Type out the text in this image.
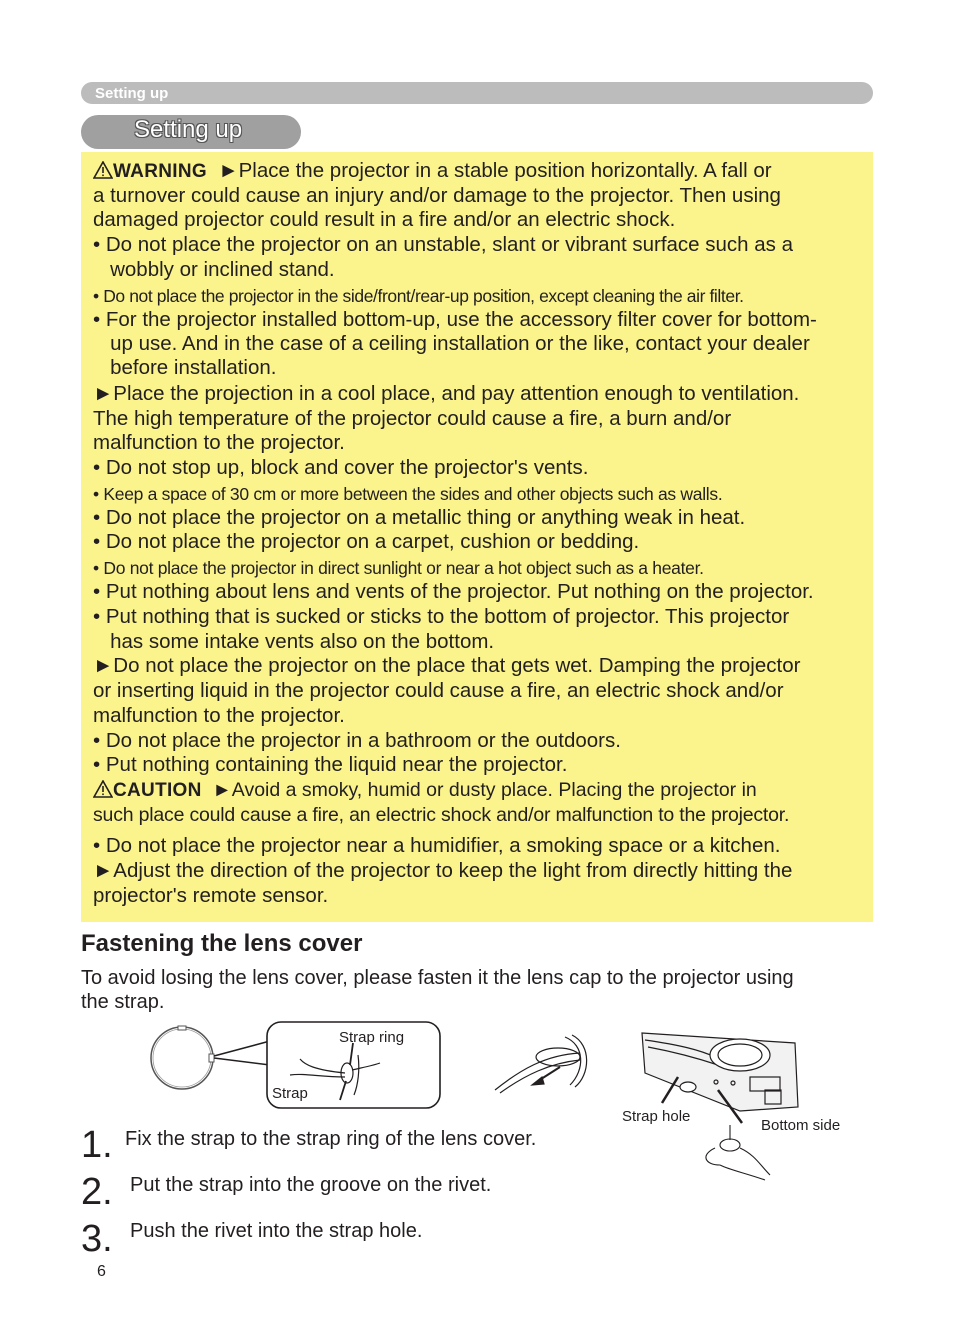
Setting up
Setting up
WARNING ►Place the projector in a stable position horizontally. A fall or
a turnover could cause an injury and/or damage to the projector. Then using
damaged projector could result in a fire and/or an electric shock.
• Do not place the projector on an unstable, slant or vibrant surface such as a
wobbly or inclined stand.
• Do not place the projector in the side/front/rear-up position, except cleaning the air filter.
• For the projector installed bottom-up, use the accessory filter cover for bottom-
up use. And in the case of a ceiling installation or the like, contact your dealer
before installation.
►Place the projection in a cool place, and pay attention enough to ventilation.
The high temperature of the projector could cause a fire, a burn and/or
malfunction to the projector.
• Do not stop up, block and cover the projector's vents.
• Keep a space of 30 cm or more between the sides and other objects such as walls.
• Do not place the projector on a metallic thing or anything weak in heat.
• Do not place the projector on a carpet, cushion or bedding.
• Do not place the projector in direct sunlight or near a hot object such as a heater.
• Put nothing about lens and vents of the projector. Put nothing on the projector.
• Put nothing that is sucked or sticks to the bottom of projector. This projector
has some intake vents also on the bottom.
►Do not place the projector on the place that gets wet. Damping the projector
or inserting liquid in the projector could cause a fire, an electric shock and/or
malfunction to the projector.
• Do not place the projector in a bathroom or the outdoors.
• Put nothing containing the liquid near the projector.
CAUTION ►Avoid a smoky, humid or dusty place. Placing the projector in
such place could cause a fire, an electric shock and/or malfunction to the projector.
• Do not place the projector near a humidifier, a smoking space or a kitchen.
►Adjust the direction of the projector to keep the light from directly hitting the
projector's remote sensor.
Fastening the lens cover
To avoid losing the lens cover, please fasten it the lens cap to the projector using
the strap.
Strap ring
Strap
Strap hole
Bottom side
1. Fix the strap to the strap ring of the lens cover.
2. Put the strap into the groove on the rivet.
3. Push the rivet into the strap hole.
6
